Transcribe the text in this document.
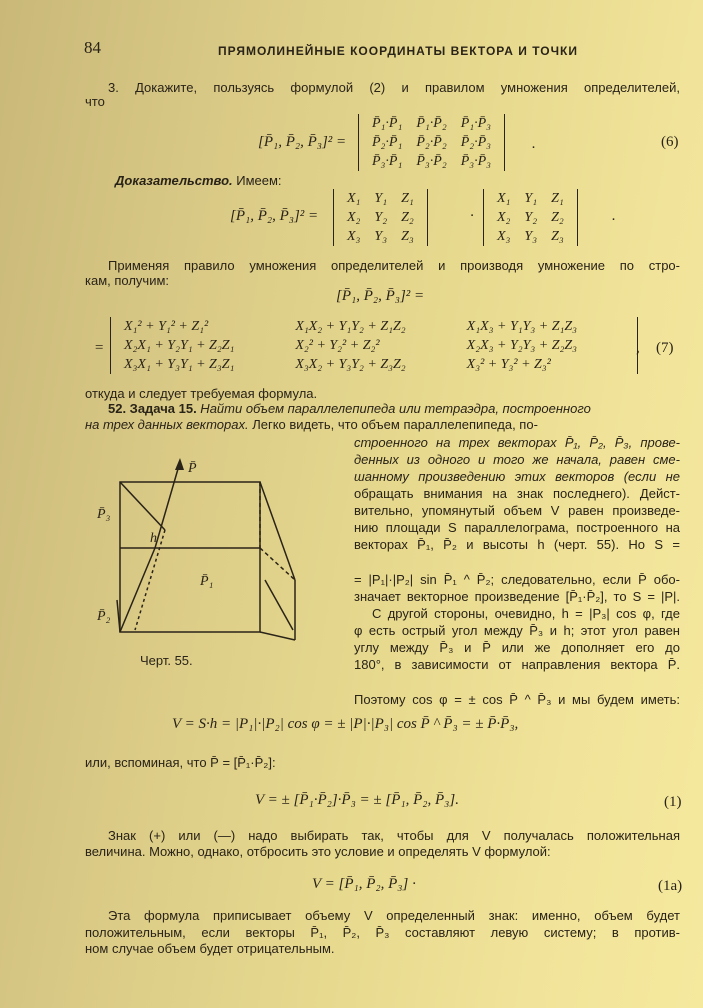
84	ПРЯМОЛИНЕЙНЫЕ КООРДИНАТЫ ВЕКТОРА И ТОЧКИ
3. Докажите, пользуясь формулой (2) и правилом умножения определителей,
что
[P̄₁, P̄₂, P̄₃]² =
P̄₁·P̄₁	P̄₁·P̄₂	P̄₁·P̄₃
P̄₂·P̄₁	P̄₂·P̄₂	P̄₂·P̄₃
P̄₃·P̄₁	P̄₃·P̄₂	P̄₃·P̄₃
.	(6)
Доказательство. Имеем:
[P̄₁, P̄₂, P̄₃]² =
X₁	Y₁	Z₁
X₂	Y₂	Z₂
X₃	Y₃	Z₃
·
X₁	Y₁	Z₁
X₂	Y₂	Z₂
X₃	Y₃	Z₃
.
Применяя правило умножения определителей и производя умножение по стро-
кам, получим:
[P̄₁, P̄₂, P̄₃]² =
=
X₁² + Y₁² + Z₁²	X₁X₂ + Y₁Y₂ + Z₁Z₂	X₁X₃ + Y₁Y₃ + Z₁Z₃
X₂X₁ + Y₂Y₁ + Z₂Z₁	X₂² + Y₂² + Z₂²	X₂X₃ + Y₂Y₃ + Z₂Z₃
X₃X₁ + Y₃Y₁ + Z₃Z₁	X₃X₂ + Y₃Y₂ + Z₃Z₂	X₃² + Y₃² + Z₃²
, (7)
откуда и следует требуемая формула.
52. Задача 15. Найти объем параллелепипеда или тетраэдра, построенного
на трех данных векторах. Легко видеть, что объем параллелепипеда, по-
строенного на трех векторах P̄₁, P̄₂, P̄₃, прове-
денных из одного и того же начала, равен сме-
шанному произведению этих векторов (если не
обращать внимания на знак последнего). Дейст-
вительно, упомянутый объем V равен произведе-
нию площади S параллелограма, построенного на
векторах P̄₁, P̄₂ и высоты h (черт. 55). Но S =
= |P₁|·|P₂| sin P̄₁ ^ P̄₂; следовательно, если P̄ обо-
значает векторное произведение [P̄₁·P̄₂], то S = |P|.
С другой стороны, очевидно, h = |P₃| cos φ, где
φ есть острый угол между P̄₃ и h; этот угол равен
углу между P̄₃ и P̄ или же дополняет его до
180°, в зависимости от направления вектора P̄.
Поэтому cos φ = ± cos P̄ ^ P̄₃ и мы будем иметь:
P̄
P̄₃
h
P̄₁
P̄₂
Черт. 55.
V = S·h = |P₁|·|P₂| cos φ = ± |P|·|P₃| cos P̄ ^ P̄₃ = ± P̄·P̄₃,
или, вспоминая, что P̄ = [P̄₁·P̄₂]:
V = ± [P̄₁·P̄₂]·P̄₃ = ± [P̄₁, P̄₂, P̄₃].	(1)
Знак (+) или (—) надо выбирать так, чтобы для V получалась положительная
величина. Можно, однако, отбросить это условие и определять V формулой:
V = [P̄₁, P̄₂, P̄₃] ·	(1a)
Эта формула приписывает объему V определенный знак: именно, объем будет
положительным, если векторы P̄₁, P̄₂, P̄₃ составляют левую систему; в против-
ном случае объем будет отрицательным.
